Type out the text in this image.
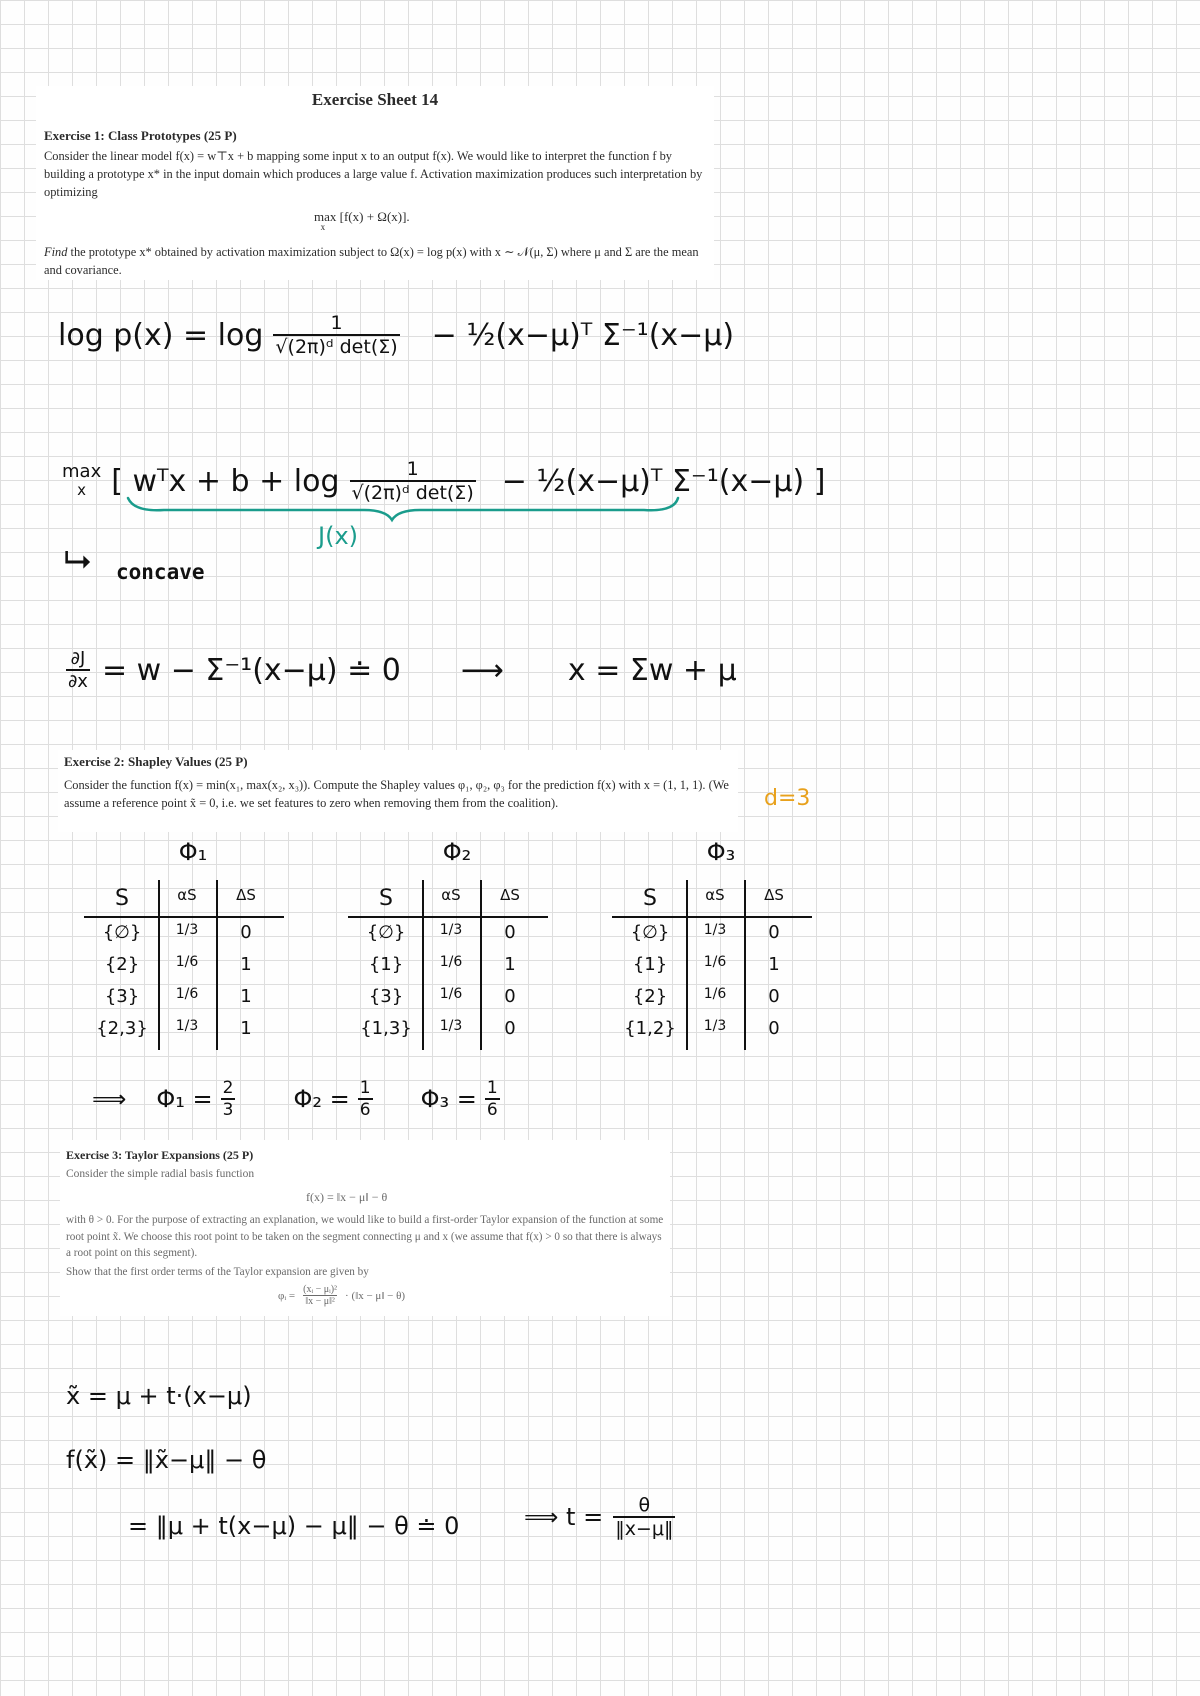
Exercise Sheet 14
Exercise 1: Class Prototypes (25 P)

Consider the linear model f(x) = w⊤x + b mapping some input x to an output f(x). We would like to interpret the function f by building a prototype x* in the input domain which produces a large value f. Activation maximization produces such interpretation by optimizing

max [f(x) + Ω(x)].
x

Find the prototype x* obtained by activation maximization subject to Ω(x) = log p(x) with x ∼ 𝒩(μ, Σ) where μ and Σ are the mean and covariance.

$\log p(x) = \log \frac{1}{\text{√(2π)ᵈ det(Σ)}}$ − ½(x−μ)ᵀ Σ⁻¹(x−μ)
max
x [ wᵀx + $b + \log \frac{1}{\text{√(2π)ᵈ det(Σ)}}$ − ½(x−μ)ᵀ Σ⁻¹(x−μ) ]
J(x)
⮡ concave
$\frac{\partial J}{\partial x} = w - \Sigma^{-1}(x-\mu)$ ≐ 0 ⟶ x = Σw + μ
Exercise 2: Shapley Values (25 P)

Consider the function f(x) = min(x₁, max(x₂, x₃)). Compute the Shapley values φ₁, φ₂, φ₃ for the prediction f(x) with x = (1, 1, 1). (We assume a reference point x̃ = 0, i.e. we set features to zero when removing them from the coalition).	d=3
Φ₁
S	αS	ΔS
{∅}	1/3	0
{2}	1/6	1
{3}	1/6	1
{2,3}	1/3	1
Φ₂
S	αS	ΔS
{∅}	1/3	0
{1}	1/6	1
{3}	1/6	0
{1,3}	1/3	0
Φ₃
S	αS	ΔS
{∅}	1/3	0
{1}	1/6	1
{2}	1/6	0
{1,2}	1/3	0
⟹ $\Phi_1 = \frac{2}{3} \Phi_2 = \frac{1}{6} \Phi_3 = \frac{1}{6}$
Exercise 3: Taylor Expansions (25 P)

Consider the simple radial basis function

f(x) = ‖x − μ‖ − θ

with θ > 0. For the purpose of extracting an explanation, we would like to build a first-order Taylor expansion of the function at some root point x̃. We choose this root point to be taken on the segment connecting μ and x (we assume that f(x) > 0 so that there is always a root point on this segment).

Show that the first order terms of the Taylor expansion are given by

φᵢ = $\frac{\text{(xᵢ − μᵢ)²}}{\text{‖x − μ‖²}}$ · (‖x − μ‖ − θ)
x̃ = μ + t·(x−μ)
f(x̃) = ‖x̃−μ‖ − θ
= ‖μ + t(x−μ) − μ‖ − θ ≐ 0	⟹ $t = \frac{\theta}{‖x-\mu‖}$
